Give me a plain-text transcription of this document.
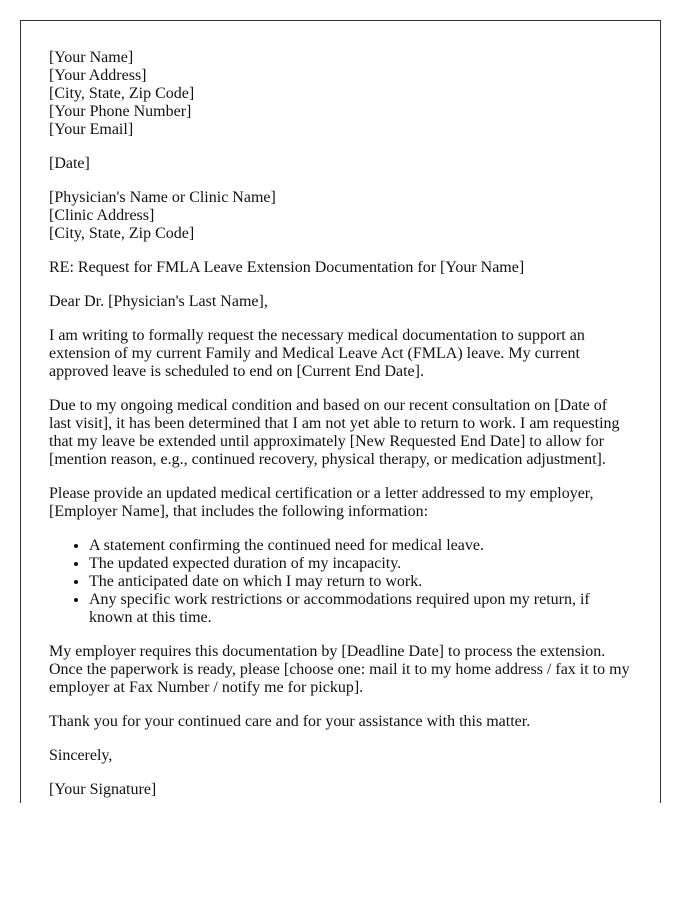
[Your Name]
[Your Address]
[City, State, Zip Code]
[Your Phone Number]
[Your Email]

[Date]

[Physician's Name or Clinic Name]
[Clinic Address]
[City, State, Zip Code]

RE: Request for FMLA Leave Extension Documentation for [Your Name]

Dear Dr. [Physician's Last Name],

I am writing to formally request the necessary medical documentation to support an extension of my current Family and Medical Leave Act (FMLA) leave. My current approved leave is scheduled to end on [Current End Date].

Due to my ongoing medical condition and based on our recent consultation on [Date of last visit], it has been determined that I am not yet able to return to work. I am requesting that my leave be extended until approximately [New Requested End Date] to allow for [mention reason, e.g., continued recovery, physical therapy, or medication adjustment].

Please provide an updated medical certification or a letter addressed to my employer, [Employer Name], that includes the following information:

• A statement confirming the continued need for medical leave.
• The updated expected duration of my incapacity.
• The anticipated date on which I may return to work.
• Any specific work restrictions or accommodations required upon my return, if known at this time.

My employer requires this documentation by [Deadline Date] to process the extension. Once the paperwork is ready, please [choose one: mail it to my home address / fax it to my employer at Fax Number / notify me for pickup].

Thank you for your continued care and for your assistance with this matter.

Sincerely,

[Your Signature]
